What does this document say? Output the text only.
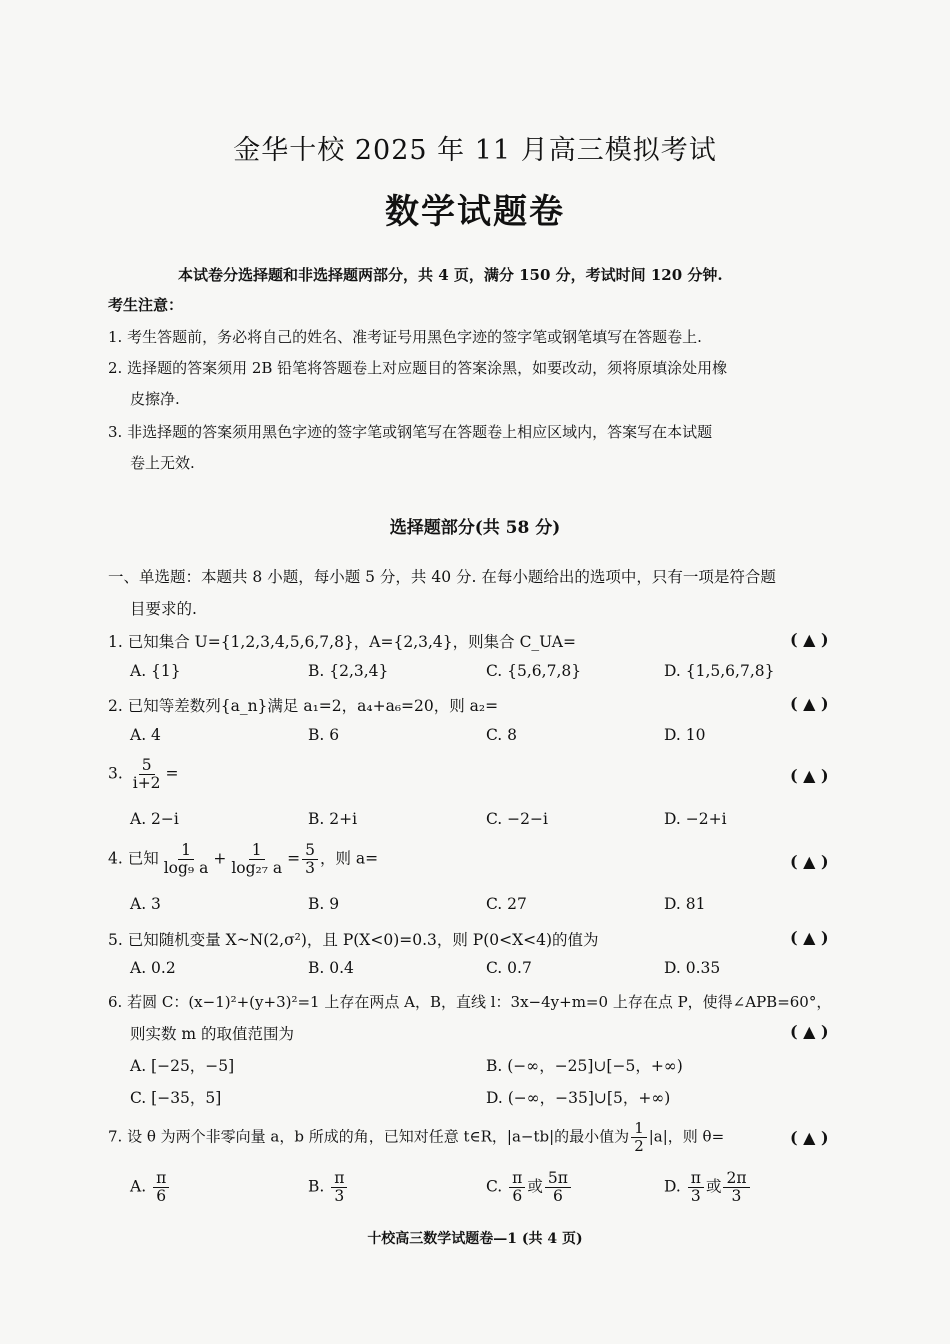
金华十校 2025 年 11 月高三模拟考试
数学试题卷
本试卷分选择题和非选择题两部分，共 4 页，满分 150 分，考试时间 120 分钟.
考生注意：
1. 考生答题前，务必将自己的姓名、准考证号用黑色字迹的签字笔或钢笔填写在答题卷上.
2. 选择题的答案须用 2B 铅笔将答题卷上对应题目的答案涂黑，如要改动，须将原填涂处用橡
皮擦净.
3. 非选择题的答案须用黑色字迹的签字笔或钢笔写在答题卷上相应区域内，答案写在本试题
卷上无效.
选择题部分(共 58 分)
一、单选题：本题共 8 小题，每小题 5 分，共 40 分. 在每小题给出的选项中，只有一项是符合题
目要求的.
1. 已知集合 U={1,2,3,4,5,6,7,8}，A={2,3,4}，则集合 C_UA=	( ▲ )
A. {1}	B. {2,3,4}	C. {5,6,7,8}	D. {1,5,6,7,8}
2. 已知等差数列{a_n}满足 a₁=2，a₄+a₆=20，则 a₂=	( ▲ )
A. 4	B. 6	C. 8	D. 10
3. $\frac{5}{i+2}$ =	( ▲ )
A. 2−i	B. 2+i	C. −2−i	D. −2+i
4. 已知 $\frac{1}{\text{log₉ a}} + \frac{1}{\text{log₂₇ a}} = \frac{5}{3}$ ，则 a=	( ▲ )
A. 3	B. 9	C. 27	D. 81
5. 已知随机变量 X~N(2,σ²)，且 P(X<0)=0.3，则 P(0<X<4)的值为	( ▲ )
A. 0.2	B. 0.4	C. 0.7	D. 0.35
6. 若圆 C：(x−1)²+(y+3)²=1 上存在两点 A，B，直线 l：3x−4y+m=0 上存在点 P，使得∠APB=60°，
则实数 m 的取值范围为	( ▲ )
A. [−25，−5]	B. (−∞，−25]∪[−5，+∞)
C. [−35，5]	D. (−∞，−35]∪[5，+∞)
7. 设 θ 为两个非零向量 a，b 所成的角，已知对任意 t∈R，|a−tb|的最小值为 $\frac{1}{2} |a|$，则 θ=	( ▲ )
A. $\frac{\pi}{6}$	B. $\frac{\pi}{3}$	C. $\frac{\pi}{6}$ 或 $\frac{5\pi}{6}$	D. $\frac{\pi}{3}$ 或 $\frac{2\pi}{3}$
十校高三数学试题卷—1 (共 4 页)
